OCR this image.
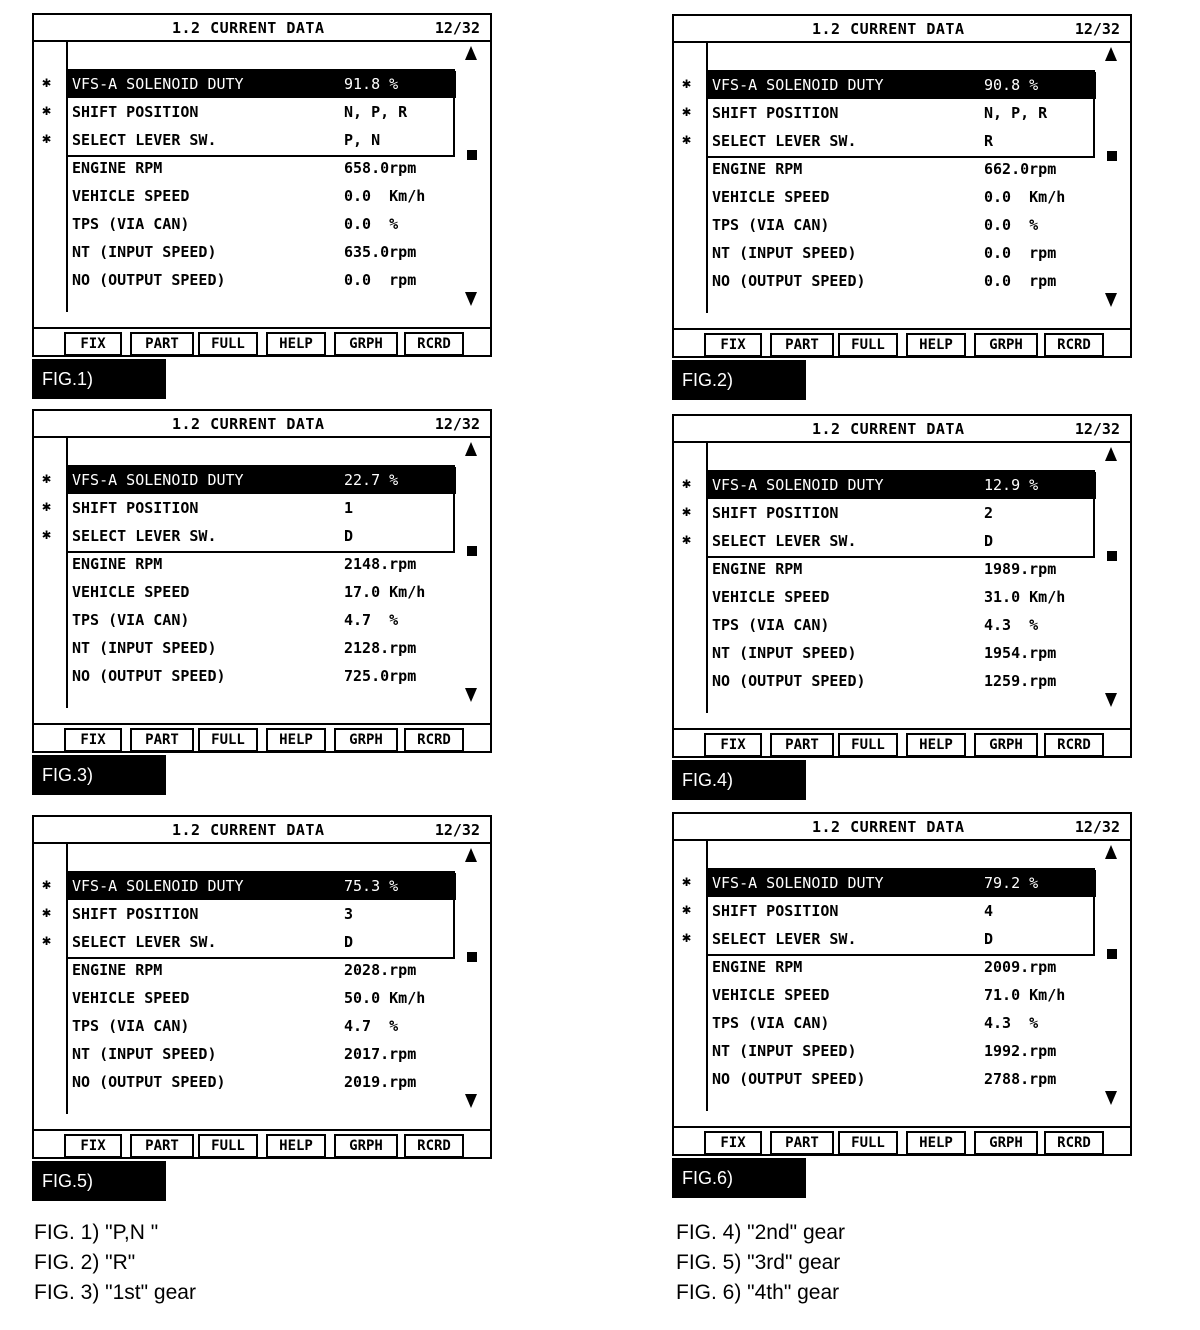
1.2 CURRENT DATA	12/32
✱
✱
✱
VFS-A SOLENOID DUTY	91.8 %
SHIFT POSITION	N, P, R
SELECT LEVER SW.	P, N
ENGINE RPM	658.0rpm
VEHICLE SPEED	0.0  Km/h
TPS (VIA CAN)	0.0  %
NT (INPUT SPEED)	635.0rpm
NO (OUTPUT SPEED)	0.0  rpm
FIX	PART	FULL	HELP	GRPH	RCRD
FIG.1)
1.2 CURRENT DATA	12/32
✱
✱
✱
VFS-A SOLENOID DUTY	90.8 %
SHIFT POSITION	N, P, R
SELECT LEVER SW.	R
ENGINE RPM	662.0rpm
VEHICLE SPEED	0.0  Km/h
TPS (VIA CAN)	0.0  %
NT (INPUT SPEED)	0.0  rpm
NO (OUTPUT SPEED)	0.0  rpm
FIX	PART	FULL	HELP	GRPH	RCRD
FIG.2)
1.2 CURRENT DATA	12/32
✱
✱
✱
VFS-A SOLENOID DUTY	22.7 %
SHIFT POSITION	1
SELECT LEVER SW.	D
ENGINE RPM	2148.rpm
VEHICLE SPEED	17.0 Km/h
TPS (VIA CAN)	4.7  %
NT (INPUT SPEED)	2128.rpm
NO (OUTPUT SPEED)	725.0rpm
FIX	PART	FULL	HELP	GRPH	RCRD
FIG.3)
1.2 CURRENT DATA	12/32
✱
✱
✱
VFS-A SOLENOID DUTY	12.9 %
SHIFT POSITION	2
SELECT LEVER SW.	D
ENGINE RPM	1989.rpm
VEHICLE SPEED	31.0 Km/h
TPS (VIA CAN)	4.3  %
NT (INPUT SPEED)	1954.rpm
NO (OUTPUT SPEED)	1259.rpm
FIX	PART	FULL	HELP	GRPH	RCRD
FIG.4)
1.2 CURRENT DATA	12/32
✱
✱
✱
VFS-A SOLENOID DUTY	75.3 %
SHIFT POSITION	3
SELECT LEVER SW.	D
ENGINE RPM	2028.rpm
VEHICLE SPEED	50.0 Km/h
TPS (VIA CAN)	4.7  %
NT (INPUT SPEED)	2017.rpm
NO (OUTPUT SPEED)	2019.rpm
FIX	PART	FULL	HELP	GRPH	RCRD
FIG.5)
1.2 CURRENT DATA	12/32
✱
✱
✱
VFS-A SOLENOID DUTY	79.2 %
SHIFT POSITION	4
SELECT LEVER SW.	D
ENGINE RPM	2009.rpm
VEHICLE SPEED	71.0 Km/h
TPS (VIA CAN)	4.3  %
NT (INPUT SPEED)	1992.rpm
NO (OUTPUT SPEED)	2788.rpm
FIX	PART	FULL	HELP	GRPH	RCRD
FIG.6)
FIG. 1) "P,N "
FIG. 2) "R"
FIG. 3) "1st" gear
FIG. 4) "2nd" gear
FIG. 5) "3rd" gear
FIG. 6) "4th" gear
